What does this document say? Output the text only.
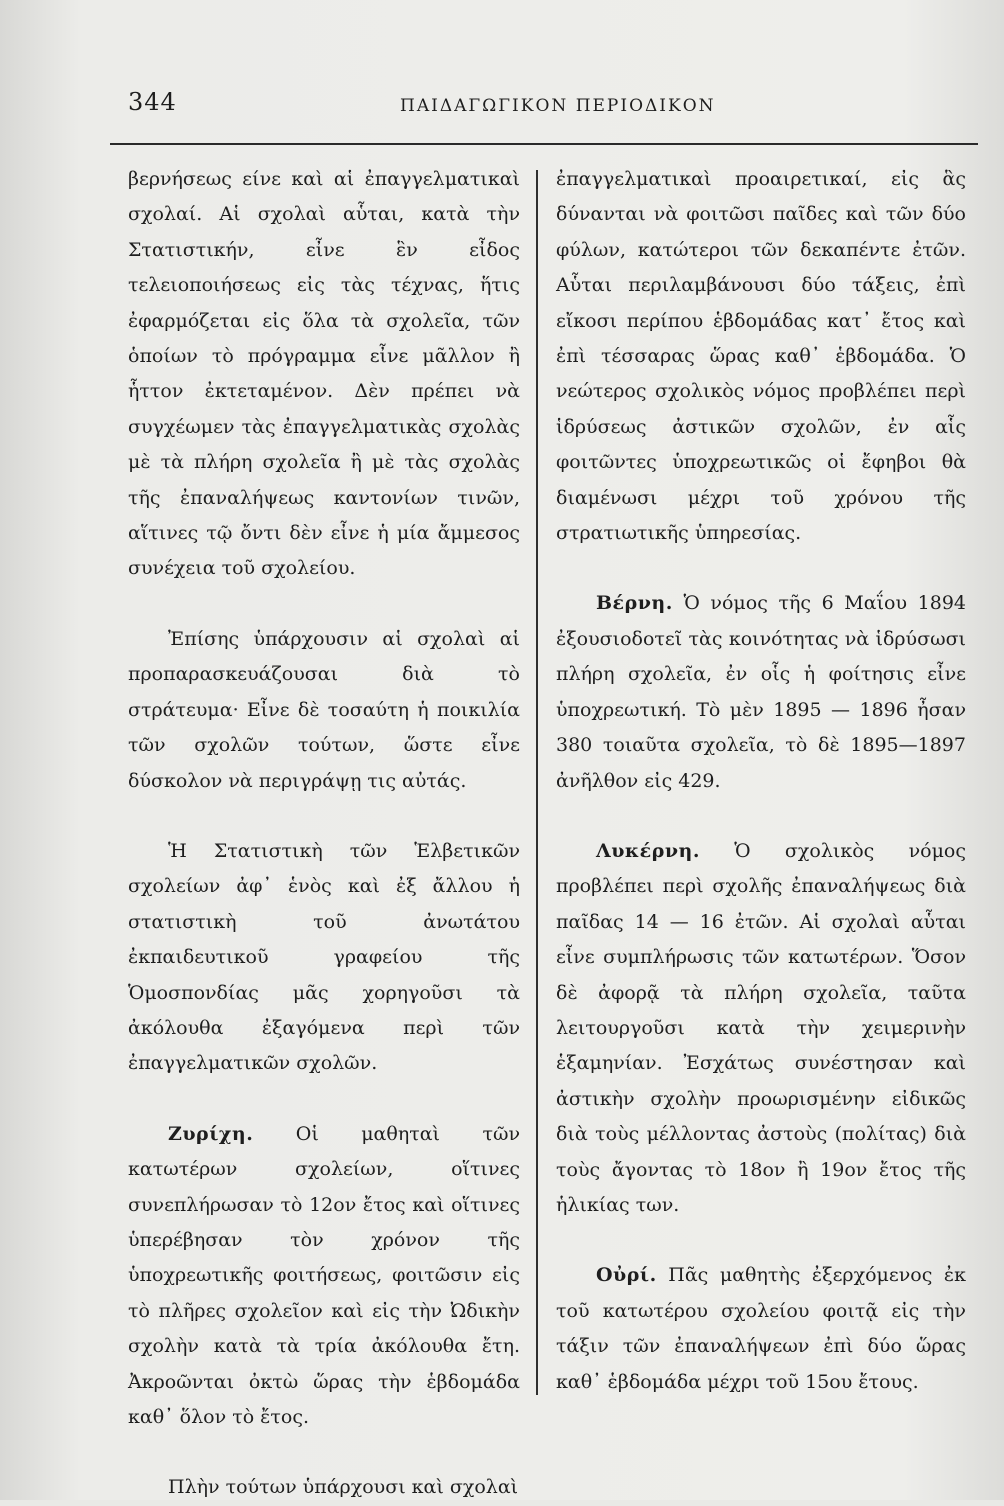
344	ΠΑΙΔΑΓΩΓΙΚΟΝ ΠΕΡΙΟΔΙΚΟΝ

βερνήσεως είνε καὶ αἱ ἐπαγγελματικαὶ σχολαί. Αἱ σχολαὶ αὗται, κατὰ τὴν Στατιστικήν, εἶνε ἓν εἶδος τελειοποιήσεως εἰς τὰς τέχνας, ἥτις ἐφαρμόζεται εἰς ὅλα τὰ σχολεῖα, τῶν ὁποίων τὸ πρόγραμμα εἶνε μᾶλλον ἢ ἧττον ἐκτεταμένον. Δὲν πρέπει νὰ συγχέωμεν τὰς ἐπαγγελματικὰς σχολὰς μὲ τὰ πλήρη σχολεῖα ἢ μὲ τὰς σχολὰς τῆς ἐπαναλήψεως καντονίων τινῶν, αἵτινες τῷ ὄντι δὲν εἶνε ἡ μία ἄμμεσος συνέχεια τοῦ σχολείου.

Ἐπίσης ὑπάρχουσιν αἱ σχολαὶ αἱ προπαρασκευάζουσαι διὰ τὸ στράτευμα· Εἶνε δὲ τοσαύτη ἡ ποικιλία τῶν σχολῶν τούτων, ὥστε εἶνε δύσκολον νὰ περιγράψῃ τις αὐτάς.

Ἡ Στατιστικὴ τῶν Ἑλβετικῶν σχολείων ἀφ᾽ ἑνὸς καὶ ἐξ ἄλλου ἡ στατιστικὴ τοῦ ἀνωτάτου ἐκπαιδευτικοῦ γραφείου τῆς Ὁμοσπονδίας μᾶς χορηγοῦσι τὰ ἀκόλουθα ἐξαγόμενα περὶ τῶν ἐπαγγελματικῶν σχολῶν.

Ζυρίχη. Οἱ μαθηταὶ τῶν κατωτέρων σχολείων, οἵτινες συνεπλήρωσαν τὸ 12ον ἔτος καὶ οἵτινες ὑπερέβησαν τὸν χρόνον τῆς ὑποχρεωτικῆς φοιτήσεως, φοιτῶσιν εἰς τὸ πλῆρες σχολεῖον καὶ εἰς τὴν Ὠδικὴν σχολὴν κατὰ τὰ τρία ἀκόλουθα ἔτη. Ἀκροῶνται ὀκτὼ ὥρας τὴν ἑβδομάδα καθ᾽ ὅλον τὸ ἔτος.

Πλὴν τούτων ὑπάρχουσι καὶ σχολαὶ

ἐπαγγελματικαὶ προαιρετικαί, εἰς ἃς δύνανται νὰ φοιτῶσι παῖδες καὶ τῶν δύο φύλων, κατώτεροι τῶν δεκαπέντε ἐτῶν. Αὗται περιλαμβάνουσι δύο τάξεις, ἐπὶ εἴκοσι περίπου ἑβδομάδας κατ᾽ ἔτος καὶ ἐπὶ τέσσαρας ὥρας καθ᾽ ἑβδομάδα. Ὁ νεώτερος σχολικὸς νόμος προβλέπει περὶ ἱδρύσεως ἀστικῶν σχολῶν, ἐν αἷς φοιτῶντες ὑποχρεωτικῶς οἱ ἔφηβοι θὰ διαμένωσι μέχρι τοῦ χρόνου τῆς στρατιωτικῆς ὑπηρεσίας.

Βέρνη. Ὁ νόμος τῆς 6 Μαΐου 1894 ἐξουσιοδοτεῖ τὰς κοινότητας νὰ ἱδρύσωσι πλήρη σχολεῖα, ἐν οἷς ἡ φοίτησις εἶνε ὑποχρεωτική. Τὸ μὲν 1895 — 1896 ἦσαν 380 τοιαῦτα σχολεῖα, τὸ δὲ 1895—1897 ἀνῆλθον εἰς 429.

Λυκέρνη. Ὁ σχολικὸς νόμος προβλέπει περὶ σχολῆς ἐπαναλήψεως διὰ παῖδας 14 — 16 ἐτῶν. Αἱ σχολαὶ αὗται εἶνε συμπλήρωσις τῶν κατωτέρων. Ὅσον δὲ ἀφορᾷ τὰ πλήρη σχολεῖα, ταῦτα λειτουργοῦσι κατὰ τὴν χειμερινὴν ἑξαμηνίαν. Ἐσχάτως συνέστησαν καὶ ἀστικὴν σχολὴν προωρισμένην εἰδικῶς διὰ τοὺς μέλλοντας ἀστοὺς (πολίτας) διὰ τοὺς ἄγοντας τὸ 18ον ἢ 19ον ἔτος τῆς ἡλικίας των.

Οὐρί. Πᾶς μαθητὴς ἐξερχόμενος ἐκ τοῦ κατωτέρου σχολείου φοιτᾷ εἰς τὴν τάξιν τῶν ἐπαναλήψεων ἐπὶ δύο ὥρας καθ᾽ ἑβδομάδα μέχρι τοῦ 15ου ἔτους.
